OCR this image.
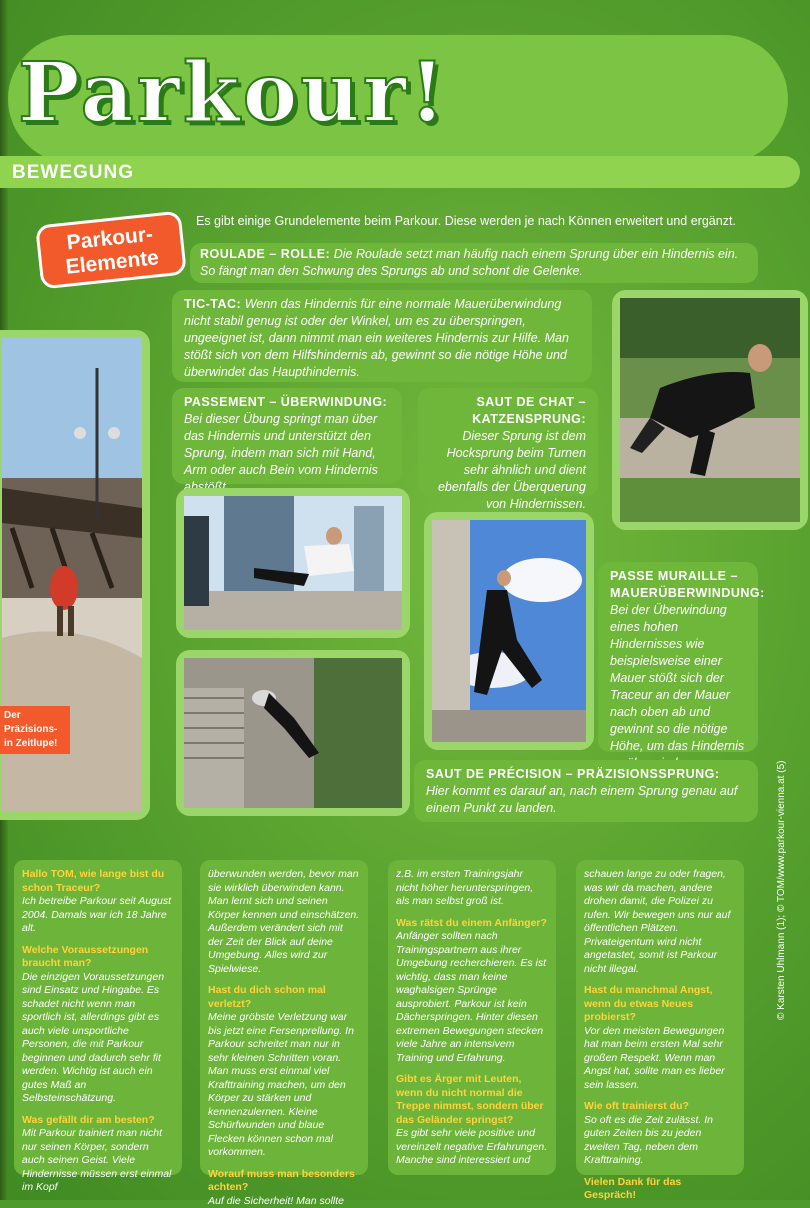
Parkour!
BEWEGUNG
Parkour-
Elemente
Es gibt einige Grundelemente beim Parkour. Diese werden je nach Können erweitert und ergänzt.
ROULADE – ROLLE: Die Roulade setzt man häufig nach einem Sprung über ein Hindernis ein. So fängt man den Schwung des Sprungs ab und schont die Gelenke.
TIC-TAC: Wenn das Hindernis für eine normale Mauerüberwindung nicht stabil genug ist oder der Winkel, um es zu überspringen, ungeeignet ist, dann nimmt man ein weiteres Hindernis zur Hilfe. Man stößt sich von dem Hilfshindernis ab, gewinnt so die nötige Höhe und überwindet das Haupthindernis.
PASSEMENT – ÜBERWINDUNG:
Bei dieser Übung springt man über das Hindernis und unterstützt den Sprung, indem man sich mit Hand, Arm oder auch Bein vom Hindernis abstößt.
SAUT DE CHAT –
KATZENSPRUNG:
Dieser Sprung ist dem Hocksprung beim Turnen sehr ähnlich und dient ebenfalls der Überquerung von Hindernissen.
Der Präzisions-
in Zeitlupe!
PASSE MURAILLE –
MAUERÜBERWINDUNG:
Bei der Überwindung eines hohen Hindernisses wie beispielsweise einer Mauer stößt sich der Traceur an der Mauer nach oben ab und gewinnt so die nötige Höhe, um das Hindernis
SAUT DE PRÉCISION – PRÄZISIONSSPRUNG:
Hier kommt es darauf an, nach einem Sprung genau auf einem Punkt zu landen.
Hallo TOM, wie lange bist du schon Traceur?
Ich betreibe Parkour seit August 2004. Damals war ich 18 Jahre alt.
Welche Voraussetzungen braucht man?
Die einzigen Voraussetzungen sind Einsatz und Hingabe. Es schadet nicht wenn man sportlich ist, allerdings gibt es auch viele unsportliche Personen, die mit Parkour beginnen und dadurch sehr fit werden. Wichtig ist auch ein gutes Maß an Selbsteinschätzung.
Was gefällt dir am besten?
Mit Parkour trainiert man nicht nur seinen Körper, sondern auch seinen Geist. Viele Hindernisse müssen erst einmal im Kopf
überwunden werden, bevor man sie wirklich überwinden kann. Man lernt sich und seinen Körper kennen und einschätzen. Außerdem verändert sich mit der Zeit der Blick auf deine Umgebung. Alles wird zur Spielwiese.
Hast du dich schon mal verletzt?
Meine gröbste Verletzung war bis jetzt eine Fersenprellung. In Parkour schreitet man nur in sehr kleinen Schritten voran. Man muss erst einmal viel Krafttraining machen, um den Körper zu stärken und kennenzulernen. Kleine Schürfwunden und blaue Flecken können schon mal vorkommen.
Worauf muss man besonders achten?
Auf die Sicherheit! Man sollte
z.B. im ersten Trainingsjahr nicht höher herunterspringen, als man selbst groß ist.
Was rätst du einem Anfänger?
Anfänger sollten nach Trainingspartnern aus ihrer Umgebung recherchieren. Es ist wichtig, dass man keine waghalsigen Sprünge ausprobiert. Parkour ist kein Dächerspringen. Hinter diesen extremen Bewegungen stecken viele Jahre an intensivem Training und Erfahrung.
Gibt es Ärger mit Leuten, wenn du nicht normal die Treppe nimmst, sondern über das Geländer springst?
Es gibt sehr viele positive und vereinzelt negative Erfahrungen. Manche sind interessiert und
schauen lange zu oder fragen, was wir da machen, andere drohen damit, die Polizei zu rufen. Wir bewegen uns nur auf öffentlichen Plätzen. Privateigentum wird nicht angetastet, somit ist Parkour nicht illegal.
Hast du manchmal Angst, wenn du etwas Neues probierst?
Vor den meisten Bewegungen hat man beim ersten Mal sehr großen Respekt. Wenn man Angst hat, sollte man es lieber sein lassen.
Wie oft trainierst du?
So oft es die Zeit zulässt. In guten Zeiten bis zu jeden zweiten Tag, neben dem Krafttraining.
Vielen Dank für das Gespräch!
© Karsten Uhlmann (1); © TOM/www.parkour-vienna.at (5)
